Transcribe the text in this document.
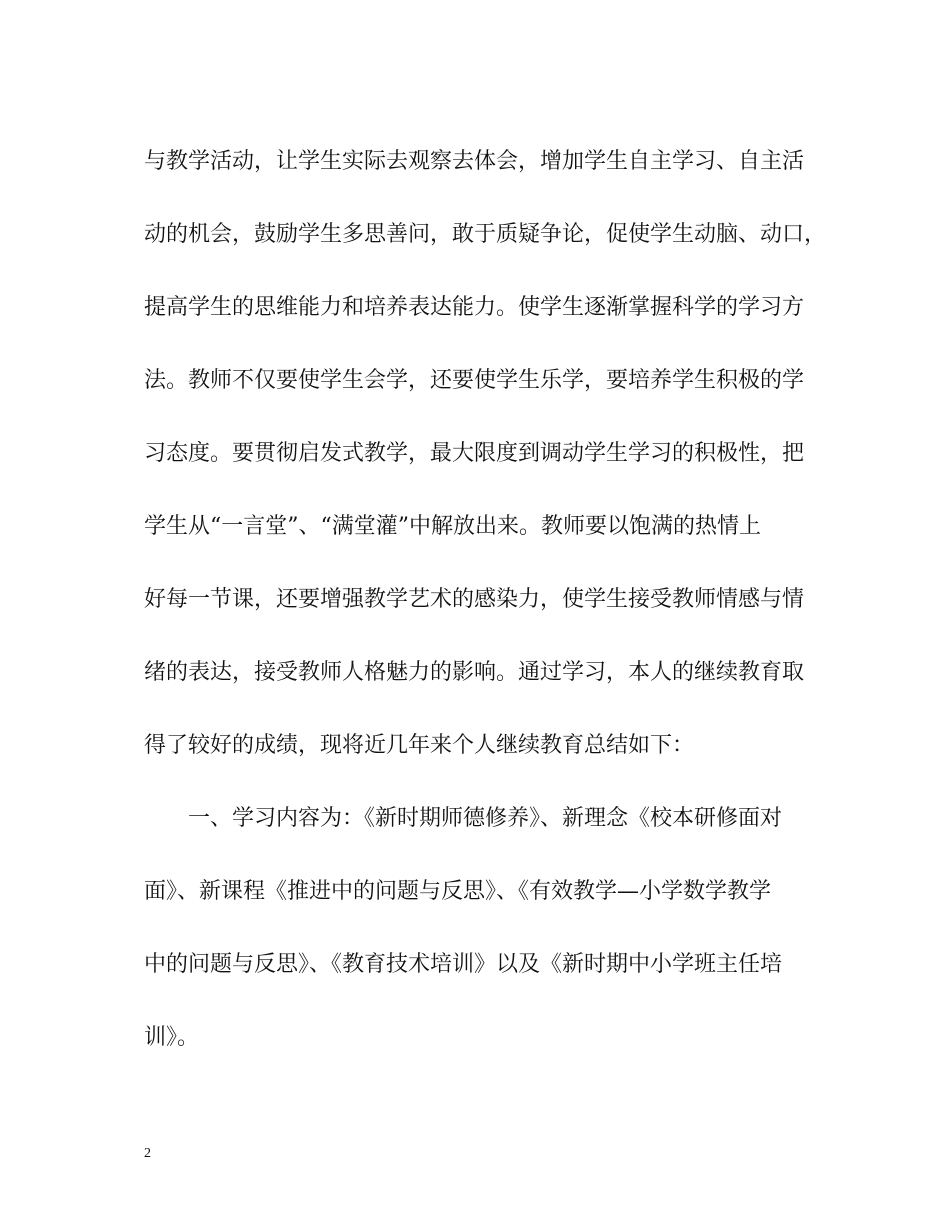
与教学活动，让学生实际去观察去体会，增加学生自主学习、自主活
动的机会，鼓励学生多思善问，敢于质疑争论，促使学生动脑、动口，
提高学生的思维能力和培养表达能力。使学生逐渐掌握科学的学习方
法。教师不仅要使学生会学，还要使学生乐学，要培养学生积极的学
习态度。要贯彻启发式教学，最大限度到调动学生学习的积极性，把
学生从“一言堂”、“满堂灌”中解放出来。教师要以饱满的热情上
好每一节课，还要增强教学艺术的感染力，使学生接受教师情感与情
绪的表达，接受教师人格魅力的影响。通过学习，本人的继续教育取
得了较好的成绩，现将近几年来个人继续教育总结如下：
一、学习内容为：《新时期师德修养》、新理念《校本研修面对
面》、新课程《推进中的问题与反思》、《有效教学—小学数学教学
中的问题与反思》、《教育技术培训》以及《新时期中小学班主任培
训》。
2
